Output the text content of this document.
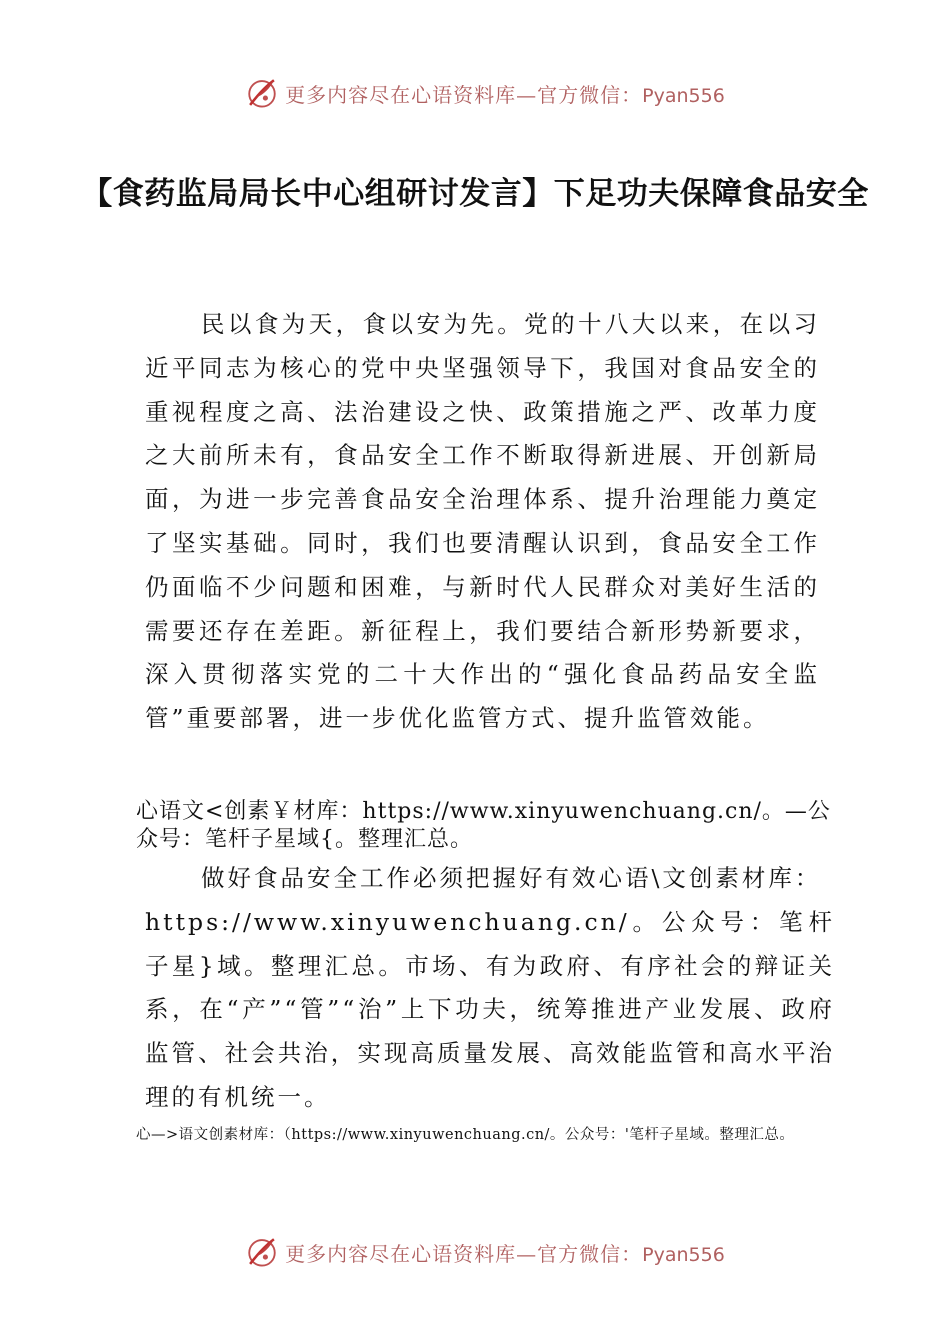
更多内容尽在心语资料库—官方微信：Pyan556
【食药监局局长中心组研讨发言】下足功夫保障食品安全
民以食为天，食以安为先。党的十八大以来，在以习近平同志为核心的党中央坚强领导下，我国对食品安全的重视程度之高、法治建设之快、政策措施之严、改革力度之大前所未有，食品安全工作不断取得新进展、开创新局面，为进一步完善食品安全治理体系、提升治理能力奠定了坚实基础。同时，我们也要清醒认识到，食品安全工作仍面临不少问题和困难，与新时代人民群众对美好生活的需要还存在差距。新征程上，我们要结合新形势新要求，深入贯彻落实党的二十大作出的“强化食品药品安全监管”重要部署，进一步优化监管方式、提升监管效能。
心语文<创素￥材库：https://www.xinyuwenchuang.cn/。—公众号：笔杆子星域{。整理汇总。
做好食品安全工作必须把握好有效心语\文创素材库：
https://www.xinyuwenchuang.cn/。公众号：笔杆子星}域。整理汇总。市场、有为政府、有序社会的辩证关系，在“产”“管”“治”上下功夫，统筹推进产业发展、政府监管、社会共治，实现高质量发展、高效能监管和高水平治理的有机统一。
心—>语文创素材库：（https://www.xinyuwenchuang.cn/。公众号：'笔杆子星域。整理汇总。
更多内容尽在心语资料库—官方微信：Pyan556
